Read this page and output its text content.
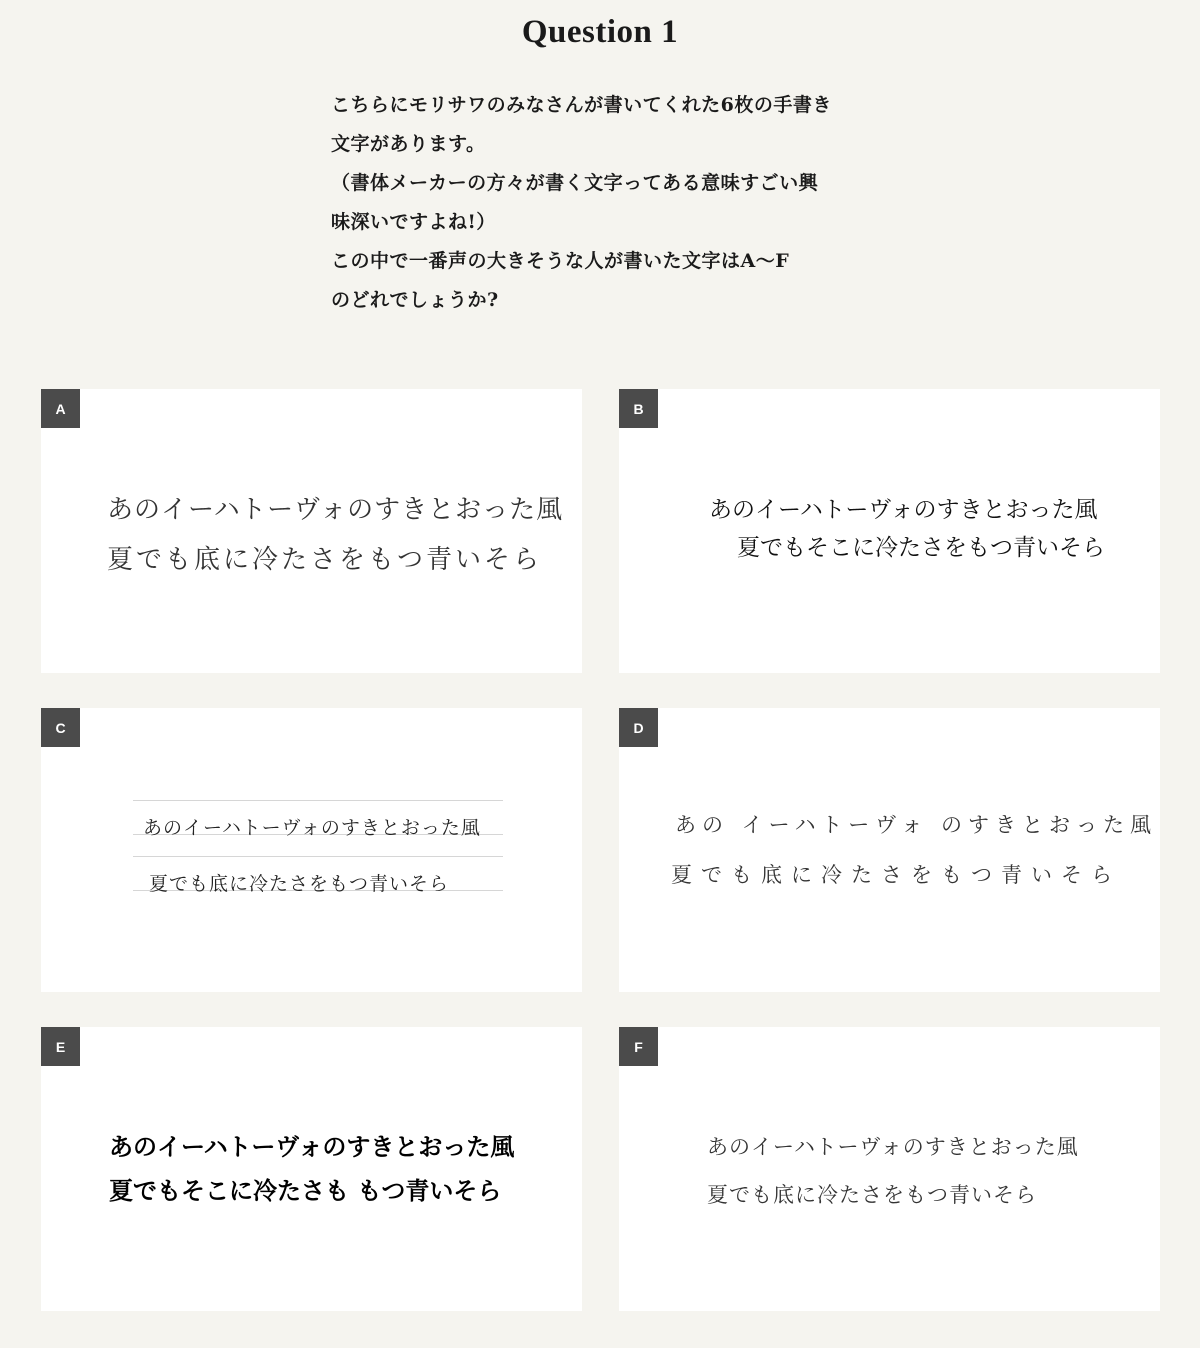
Question 1

こちらにモリサワのみなさんが書いてくれた6枚の手書き

文字があります。

（書体メーカーの方々が書く文字ってある意味すごい興

味深いですよね!）

この中で一番声の大きそうな人が書いた文字はA〜F

のどれでしょうか?

A
あのイーハトーヴォのすきとおった風
夏でも底に冷たさをもつ青いそら
B
あのイーハトーヴォのすきとおった風
夏でもそこに冷たさをもつ青いそら
C
あのイーハトーヴォのすきとおった風
夏でも底に冷たさをもつ青いそら
D
あの イーハトーヴォ のすきとおった風
夏でも底に冷たさをもつ青いそら
E
あのイーハトーヴォのすきとおった風
夏でもそこに冷たさも もつ青いそら
F
あのイーハトーヴォのすきとおった風
夏でも底に冷たさをもつ青いそら
